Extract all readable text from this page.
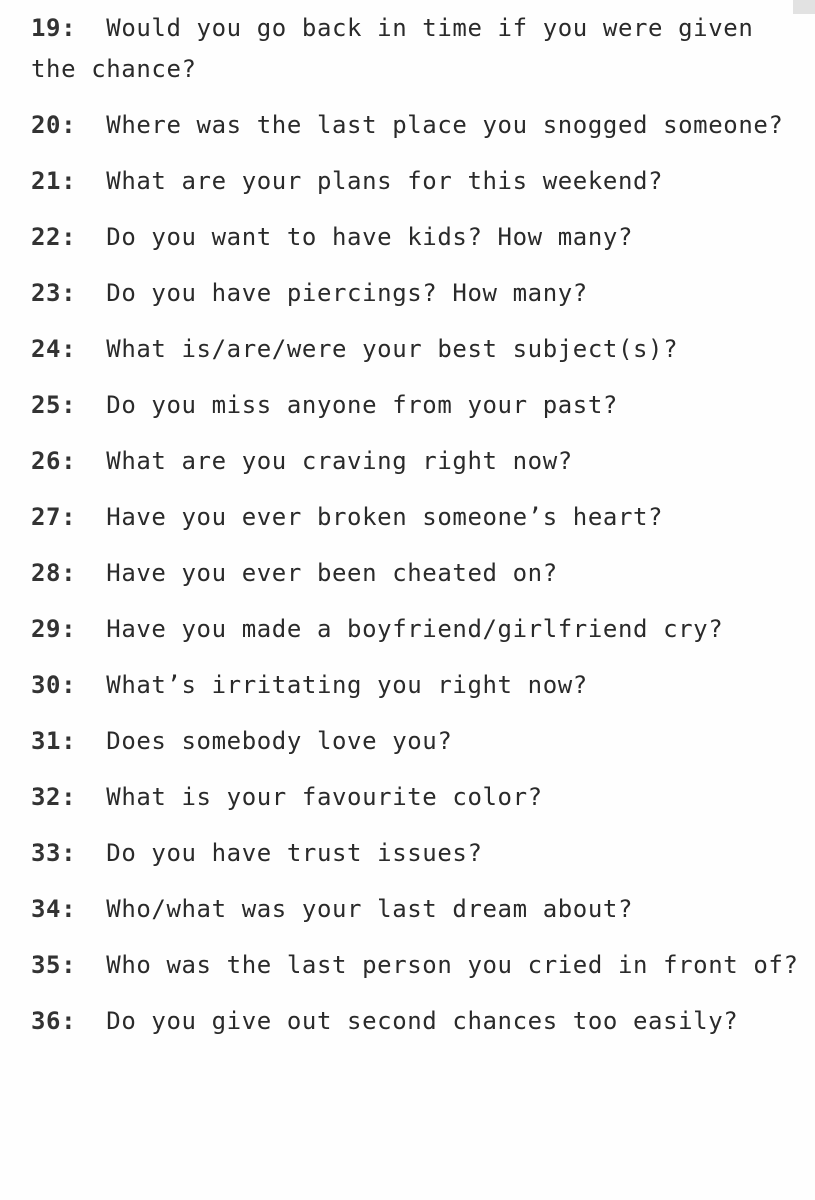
19: Would you go back in time if you were given the chance?
20: Where was the last place you snogged someone?
21: What are your plans for this weekend?
22: Do you want to have kids? How many?
23: Do you have piercings? How many?
24: What is/are/were your best subject(s)?
25: Do you miss anyone from your past?
26: What are you craving right now?
27: Have you ever broken someone’s heart?
28: Have you ever been cheated on?
29: Have you made a boyfriend/girlfriend cry?
30: What’s irritating you right now?
31: Does somebody love you?
32: What is your favourite color?
33: Do you have trust issues?
34: Who/what was your last dream about?
35: Who was the last person you cried in front of?
36: Do you give out second chances too easily?
